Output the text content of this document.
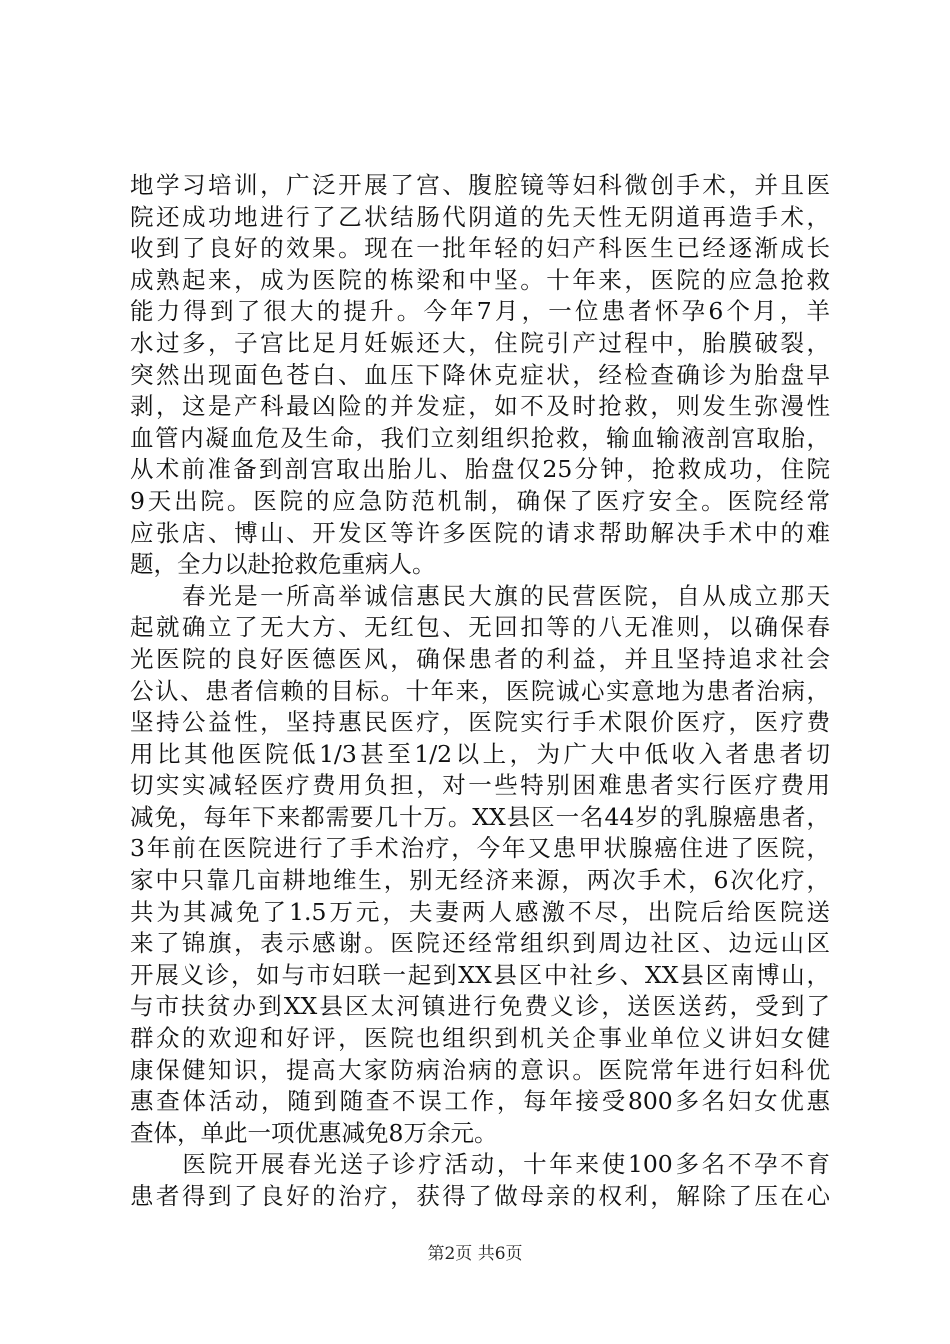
地学习培训，广泛开展了宫、腹腔镜等妇科微创手术，并且医
院还成功地进行了乙状结肠代阴道的先天性无阴道再造手术，
收到了良好的效果。现在一批年轻的妇产科医生已经逐渐成长
成熟起来，成为医院的栋梁和中坚。十年来，医院的应急抢救
能力得到了很大的提升。今年7月，一位患者怀孕6个月，羊
水过多，子宫比足月妊娠还大，住院引产过程中，胎膜破裂，
突然出现面色苍白、血压下降休克症状，经检查确诊为胎盘早
剥，这是产科最凶险的并发症，如不及时抢救，则发生弥漫性
血管内凝血危及生命，我们立刻组织抢救，输血输液剖宫取胎，
从术前准备到剖宫取出胎儿、胎盘仅25分钟，抢救成功，住院
9天出院。医院的应急防范机制，确保了医疗安全。医院经常
应张店、博山、开发区等许多医院的请求帮助解决手术中的难
题，全力以赴抢救危重病人。
　　春光是一所高举诚信惠民大旗的民营医院，自从成立那天
起就确立了无大方、无红包、无回扣等的八无准则，以确保春
光医院的良好医德医风，确保患者的利益，并且坚持追求社会
公认、患者信赖的目标。十年来，医院诚心实意地为患者治病，
坚持公益性，坚持惠民医疗，医院实行手术限价医疗，医疗费
用比其他医院低1/3甚至1/2以上，为广大中低收入者患者切
切实实减轻医疗费用负担，对一些特别困难患者实行医疗费用
减免，每年下来都需要几十万。XX县区一名44岁的乳腺癌患者，
3年前在医院进行了手术治疗，今年又患甲状腺癌住进了医院，
家中只靠几亩耕地维生，别无经济来源，两次手术，6次化疗，
共为其减免了1.5万元，夫妻两人感激不尽，出院后给医院送
来了锦旗，表示感谢。医院还经常组织到周边社区、边远山区
开展义诊，如与市妇联一起到XX县区中社乡、XX县区南博山，
与市扶贫办到XX县区太河镇进行免费义诊，送医送药，受到了
群众的欢迎和好评，医院也组织到机关企事业单位义讲妇女健
康保健知识，提高大家防病治病的意识。医院常年进行妇科优
惠查体活动，随到随查不误工作，每年接受800多名妇女优惠
查体，单此一项优惠减免8万余元。
　　医院开展春光送子诊疗活动，十年来使100多名不孕不育
患者得到了良好的治疗，获得了做母亲的权利，解除了压在心
第2页 共6页
